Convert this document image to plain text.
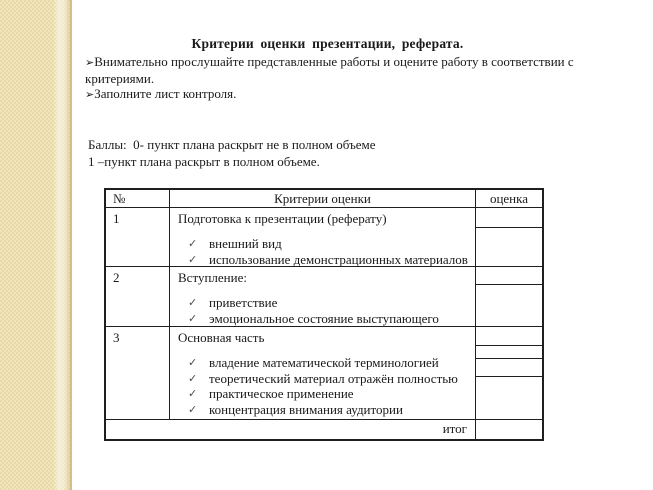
Критерии оценки презентации, реферата.

➢Внимательно прослушайте представленные работы и оцените работу в соответствии с критериями.

➢Заполните лист контроля.

Баллы:  0- пункт плана раскрыт не в полном объеме
1 –пункт плана раскрыт в полном объеме.
№	Критерии оценки	оценка
1	Подготовка к презентации (реферату)
✓ внешний вид
✓ использование демонстрационных материалов
2	Вступление:
✓ приветствие
✓ эмоциональное состояние выступающего
3	Основная часть
✓ владение математической терминологией
✓ теоретический материал отражён полностью
✓ практическое применение
✓ концентрация внимания аудитории
итог
